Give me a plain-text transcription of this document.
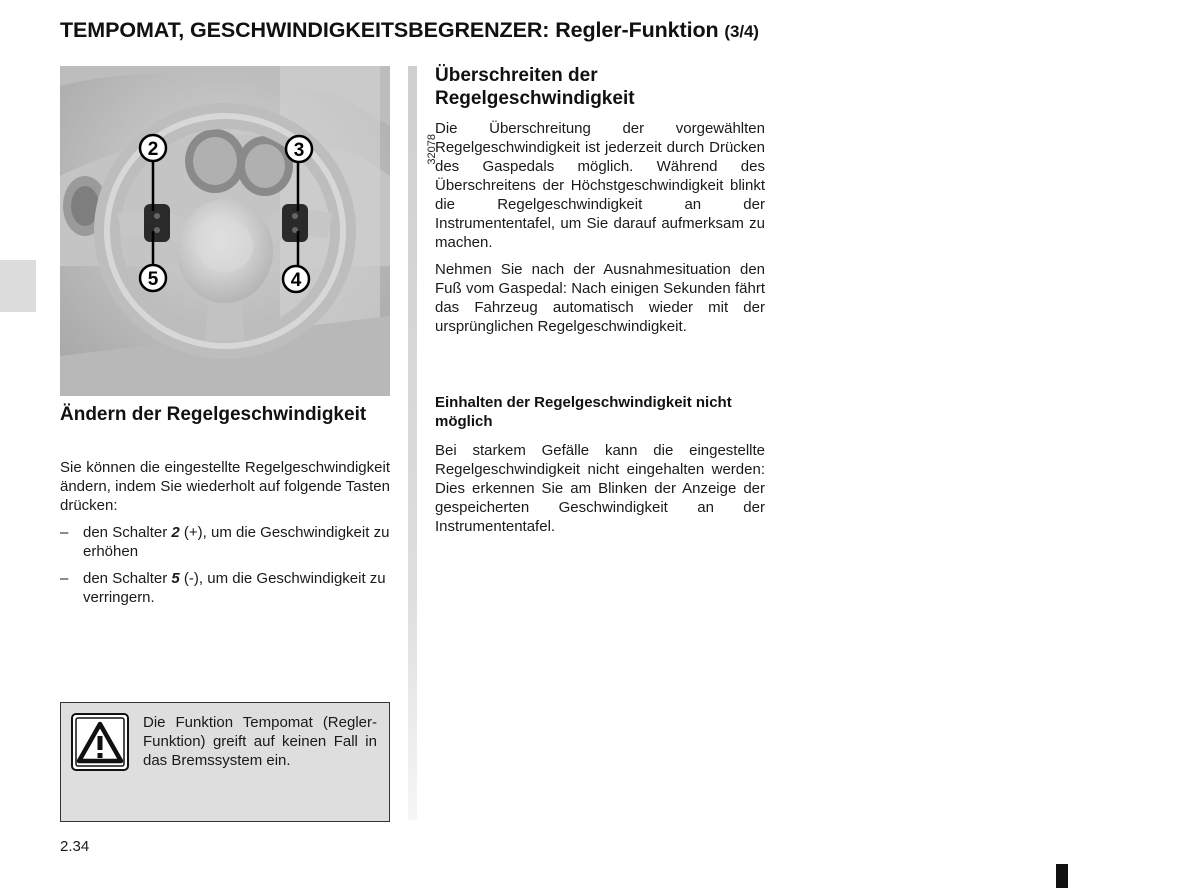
TEMPOMAT, GESCHWINDIGKEITSBEGRENZER: Regler-Funktion (3/4)
2	3
5	4
32078
Ändern der Regelgeschwindigkeit

Sie können die eingestellte Regelgeschwindigkeit ändern, indem Sie wiederholt auf folgende Tasten drücken:

– den Schalter 2 (+), um die Geschwindigkeit zu erhöhen
– den Schalter 5 (-), um die Geschwindigkeit zu verringern.
Die Funktion Tempomat (Regler-Funktion) greift auf keinen Fall in das Bremssystem ein.
Überschreiten der Regelgeschwindigkeit

Die Überschreitung der vorgewählten Regelgeschwindigkeit ist jederzeit durch Drücken des Gaspedals möglich. Während des Überschreitens der Höchstgeschwindigkeit blinkt die Regelgeschwindigkeit an der Instrumententafel, um Sie darauf aufmerksam zu machen.

Nehmen Sie nach der Ausnahmesituation den Fuß vom Gaspedal: Nach einigen Sekunden fährt das Fahrzeug automatisch wieder mit der ursprünglichen Regelgeschwindigkeit.

Einhalten der Regelgeschwindigkeit nicht möglich

Bei starkem Gefälle kann die eingestellte Regelgeschwindigkeit nicht eingehalten werden: Dies erkennen Sie am Blinken der Anzeige der gespeicherten Geschwindigkeit an der Instrumententafel.

2.34
